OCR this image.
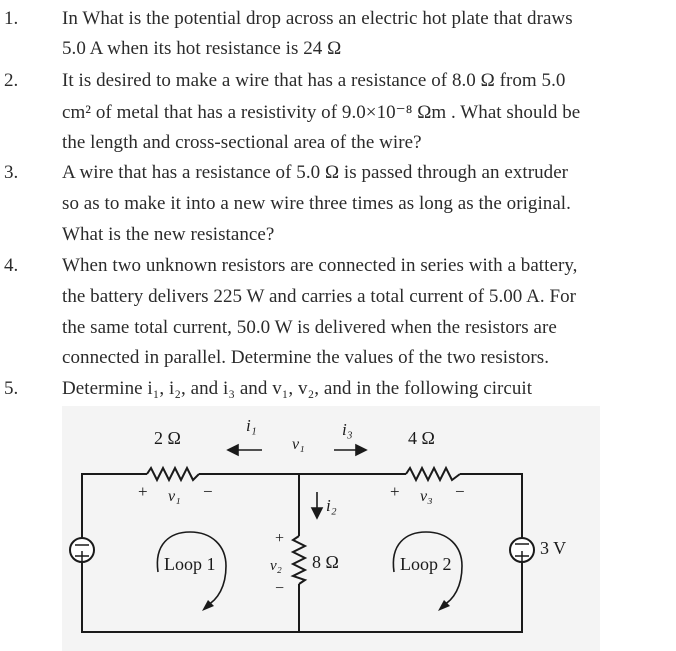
1. In What is the potential drop across an electric hot plate that draws
5.0 A when its hot resistance is 24 Ω
2. It is desired to make a wire that has a resistance of 8.0 Ω from 5.0
cm² of metal that has a resistivity of 9.0×10⁻⁸ Ωm . What should be
the length and cross-sectional area of the wire?
3. A wire that has a resistance of 5.0 Ω is passed through an extruder
so as to make it into a new wire three times as long as the original.
What is the new resistance?
4. When two unknown resistors are connected in series with a battery,
the battery delivers 225 W and carries a total current of 5.00 A. For
the same total current, 50.0 W is delivered when the resistors are
connected in parallel. Determine the values of the two resistors.
5. Determine i₁, i₂, and i₃ and v₁, v₂, and in the following circuit
2 Ω	4 Ω
8 Ω
i₁	i₃
i₂
v₁
+ v₁ −	+ v₃ −
+
v₂
−
Loop 1	Loop 2
3 V
